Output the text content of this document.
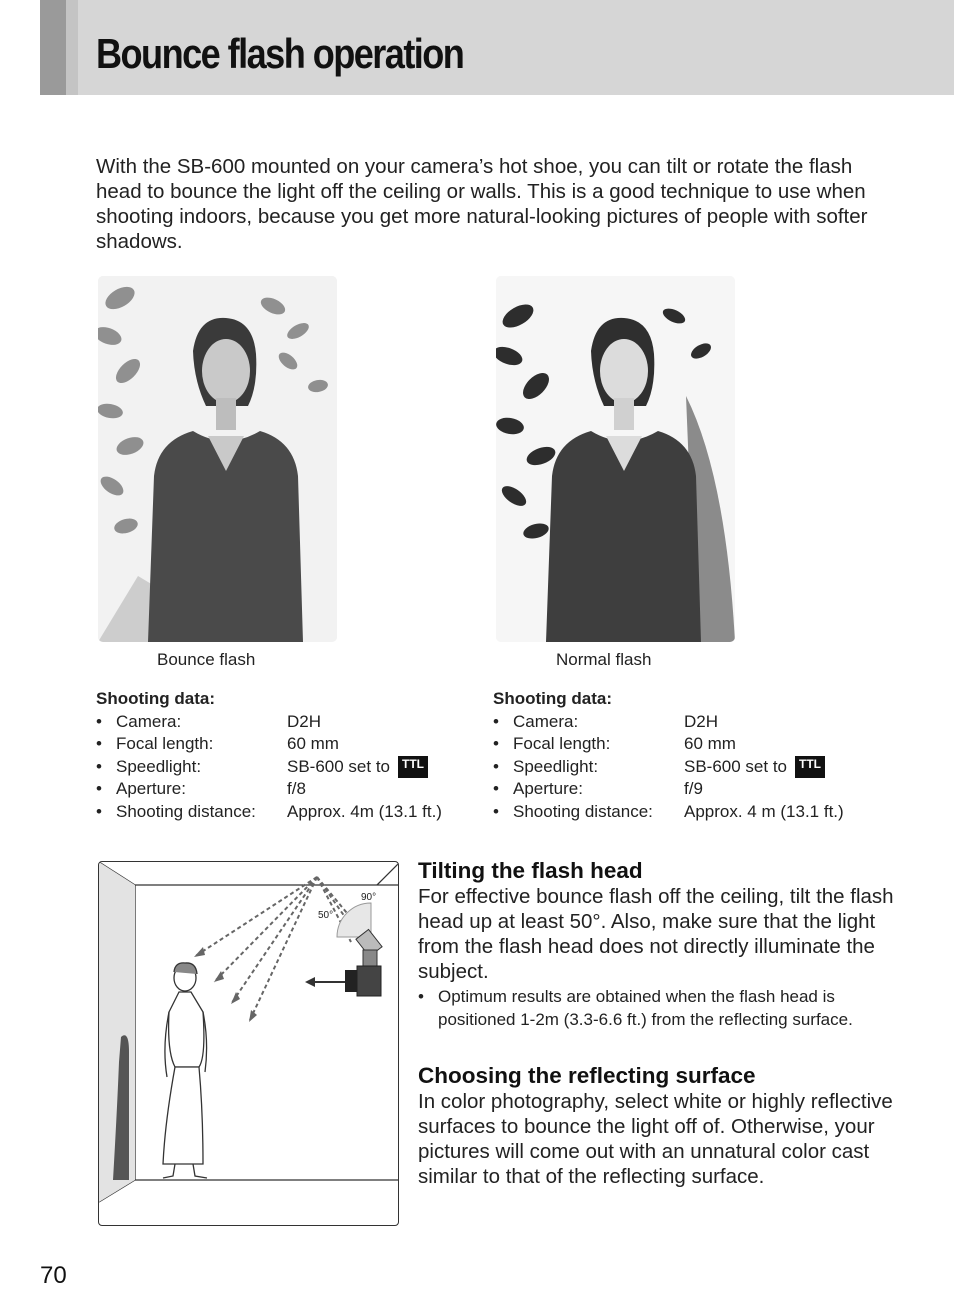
Bounce flash operation

With the SB-600 mounted on your camera’s hot shoe, you can tilt or rotate the flash head to bounce the light off the ceiling or walls. This is a good technique to use when shooting indoors, because you get more natural-looking pictures of people with softer shadows.

Bounce flash	Normal flash
Shooting data:
• Camera:	D2H
• Focal length:	60 mm
• Speedlight:	SB-600 set to	TTL
• Aperture:	f/8
• Shooting distance:	Approx. 4m (13.1 ft.)
Shooting data:
• Camera:	D2H
• Focal length:	60 mm
• Speedlight:	SB-600 set to	TTL
• Aperture:	f/9
• Shooting distance:	Approx. 4 m (13.1 ft.)
50°
90°
Tilting the flash head

For effective bounce flash off the ceiling, tilt the flash head up at least 50°. Also, make sure that the light from the flash head does not directly illuminate the subject.

• Optimum results are obtained when the flash head is positioned 1-2m (3.3-6.6 ft.) from the reflecting surface.
Choosing the reflecting surface

In color photography, select white or highly reflective surfaces to bounce the light off of. Otherwise, your pictures will come out with an unnatural color cast similar to that of the reflecting surface.

70
